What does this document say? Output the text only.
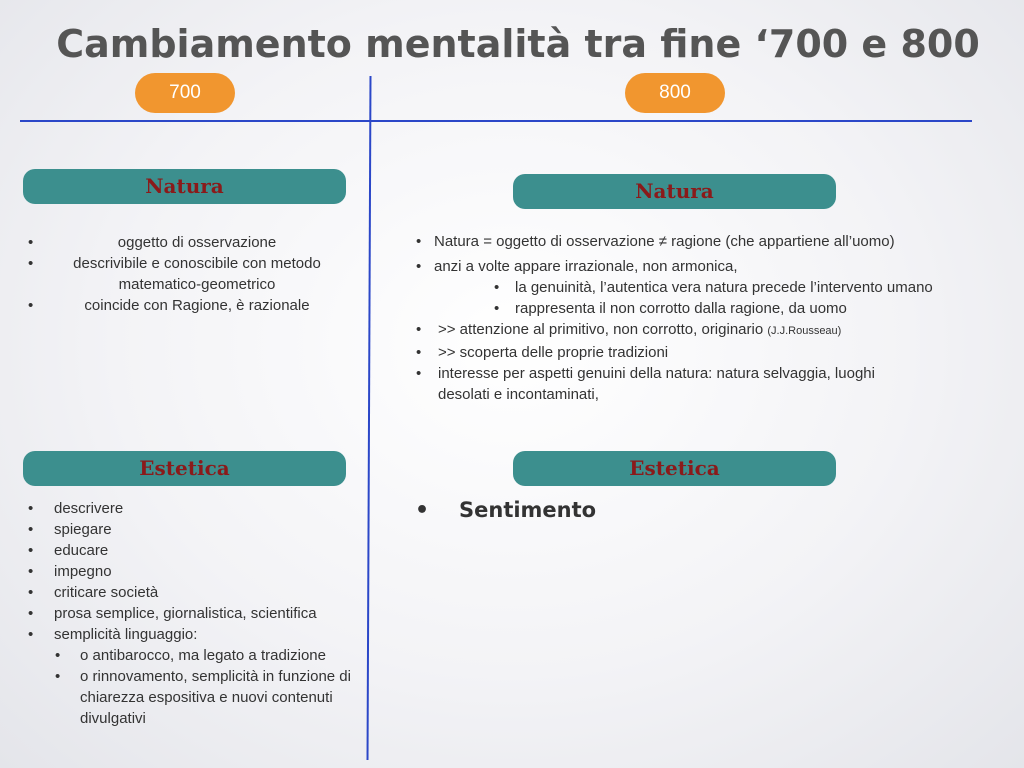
Cambiamento mentalità tra fine ‘700 e 800
700	800
Natura
• oggetto di osservazione
• descrivibile e conoscibile con metodo matematico-geometrico
• coincide con Ragione, è razionale
Estetica
• descrivere
• spiegare
• educare
• impegno
• criticare società
• prosa semplice, giornalistica, scientifica
• semplicità linguaggio:
• o antibarocco, ma legato a tradizione
• o rinnovamento, semplicità in funzione di chiarezza espositiva e nuovi contenuti divulgativi
Natura
• Natura = oggetto di osservazione ≠ ragione (che appartiene all’uomo)
• anzi a volte appare irrazionale, non armonica,
• la genuinità, l’autentica vera natura precede l’intervento umano
• rappresenta il non corrotto dalla ragione, da uomo
• >> attenzione al primitivo, non corrotto, originario (J.J.Rousseau)
• >> scoperta delle proprie tradizioni
• interesse per aspetti genuini della natura: natura selvaggia, luoghi desolati e incontaminati,
Estetica
• Sentimento
